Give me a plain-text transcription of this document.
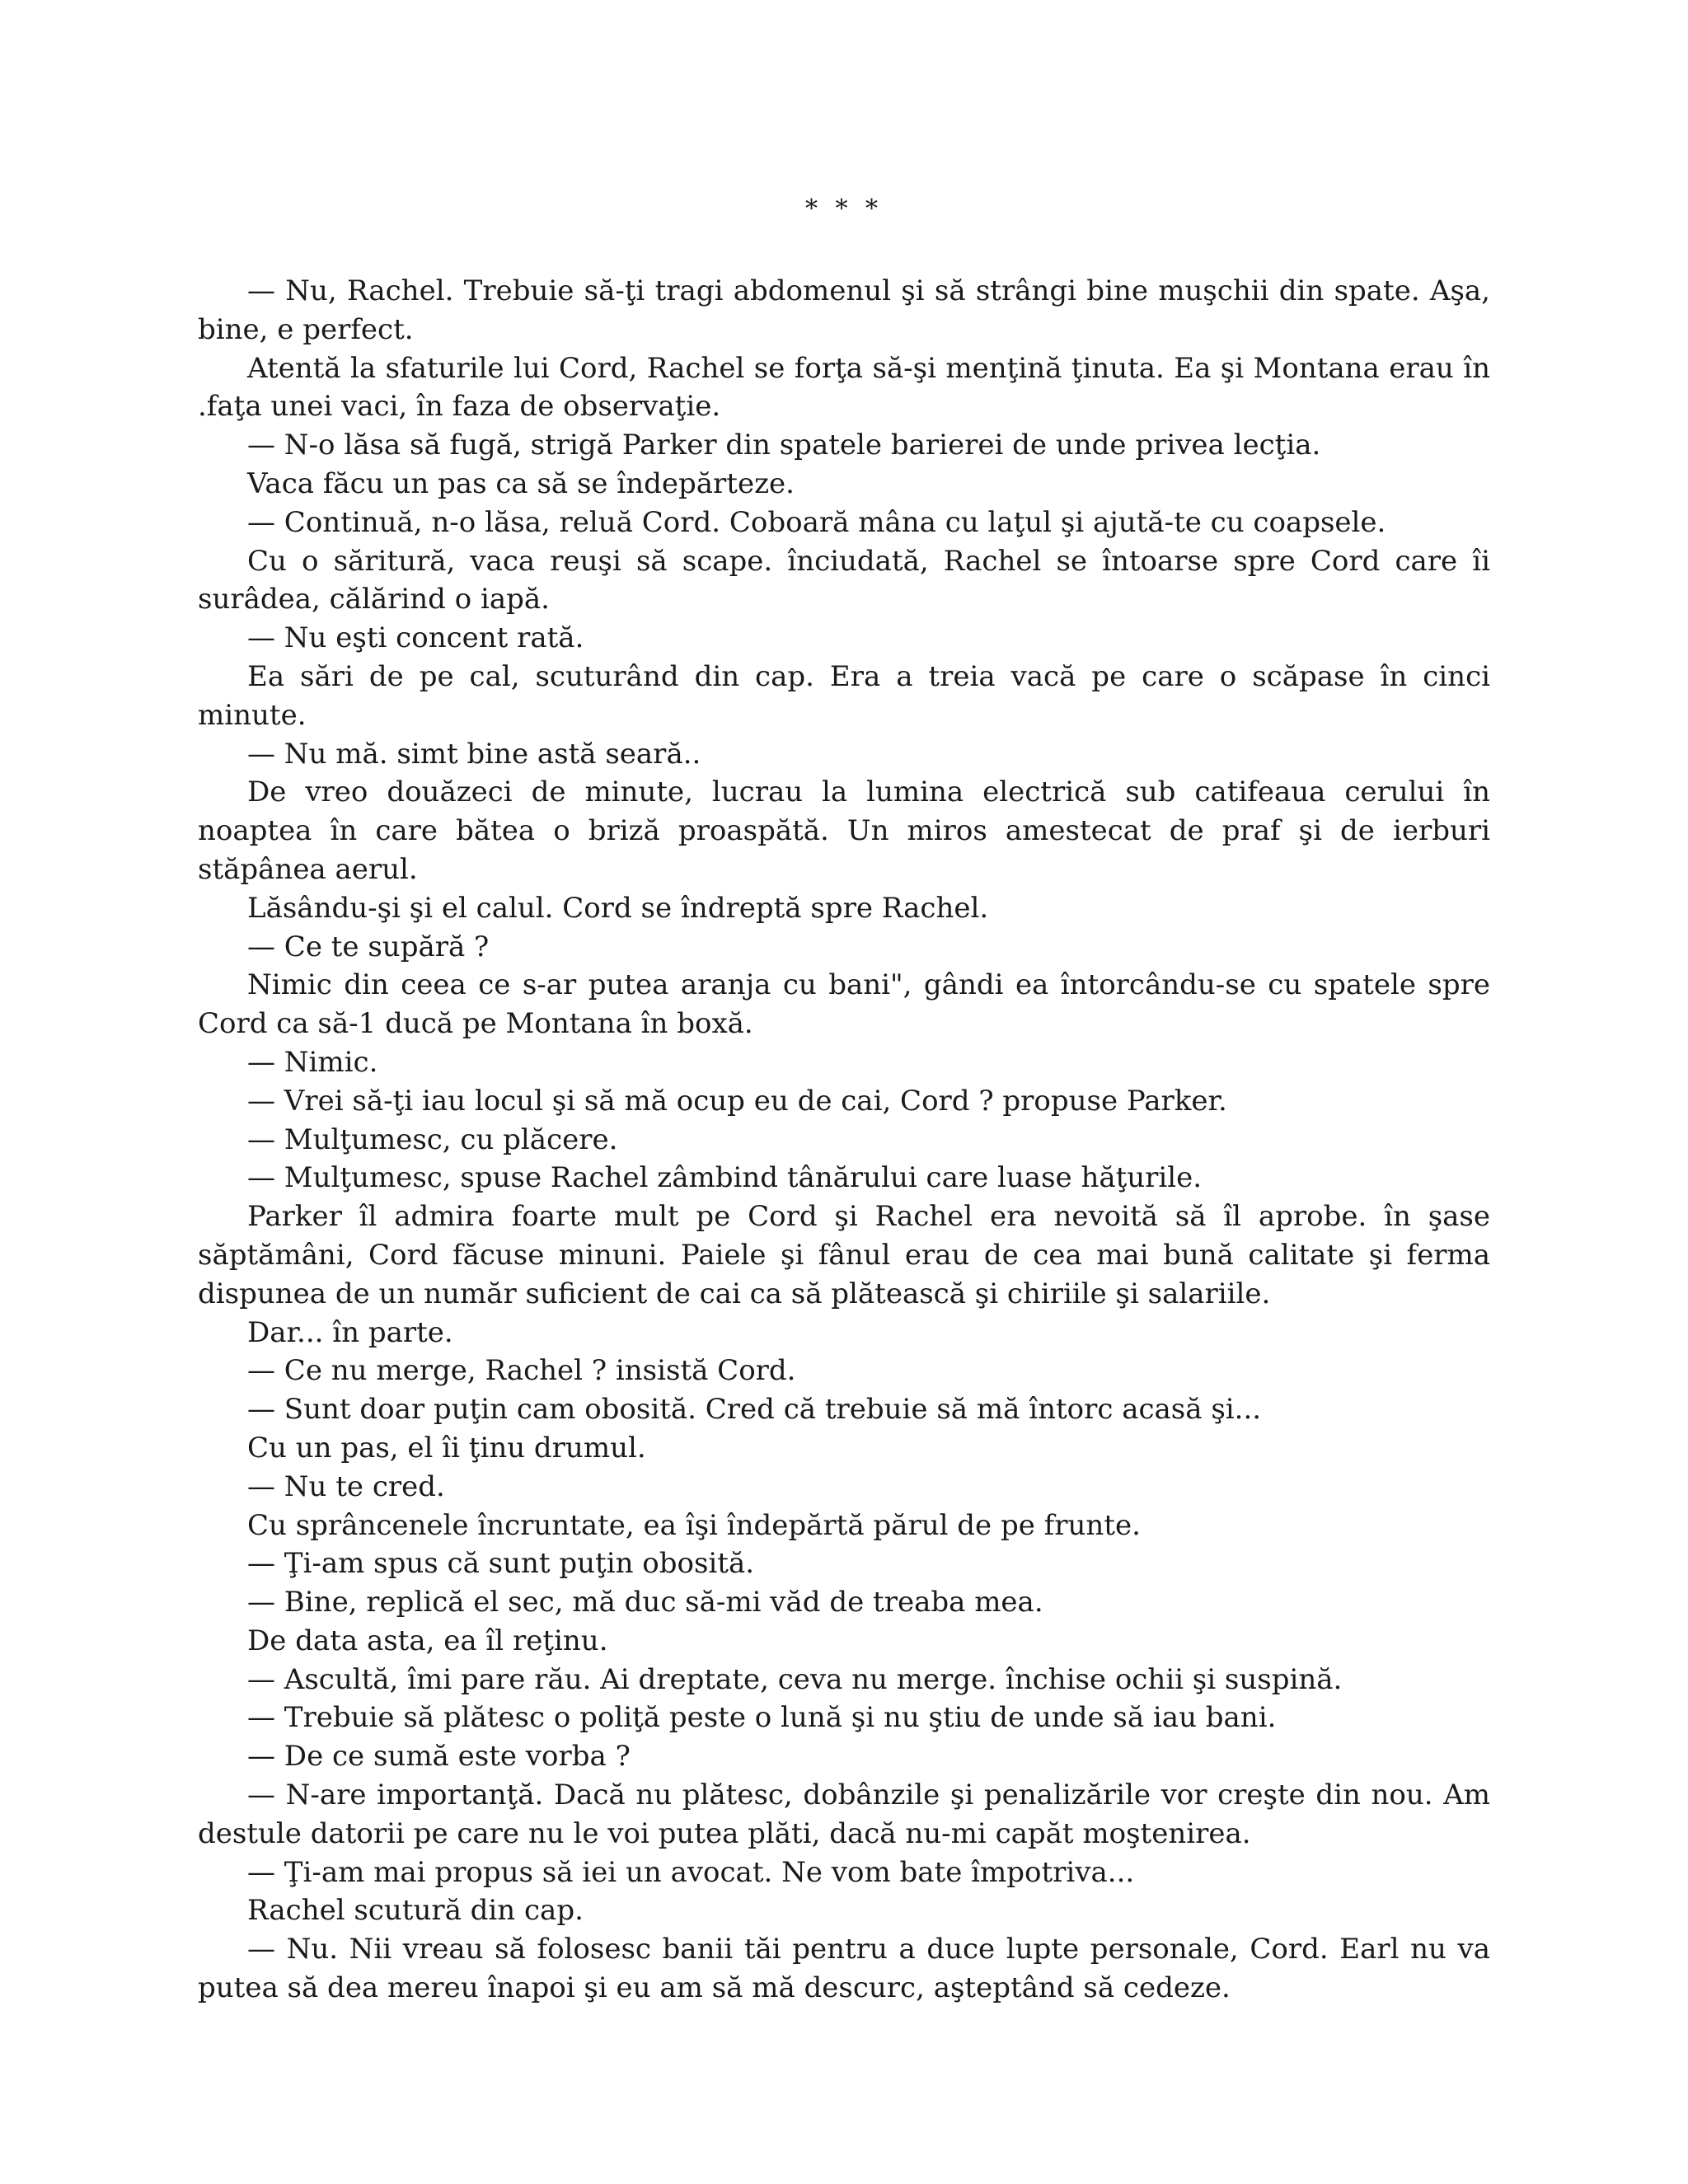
* * *

— Nu, Rachel. Trebuie să-ţi tragi abdomenul şi să strângi bine muşchii din spate. Aşa, bine, e perfect.

Atentă la sfaturile lui Cord, Rachel se forţa să-şi menţină ţinuta. Ea şi Montana erau în .faţa unei vaci, în faza de observaţie.

— N-o lăsa să fugă, strigă Parker din spatele barierei de unde privea lecţia.

Vaca făcu un pas ca să se îndepărteze.

— Continuă, n-o lăsa, reluă Cord. Coboară mâna cu laţul şi ajută-te cu coapsele.

Cu o săritură, vaca reuşi să scape. înciudată, Rachel se întoarse spre Cord care îi surâdea, călărind o iapă.

— Nu eşti concent rată.

Ea sări de pe cal, scuturând din cap. Era a treia vacă pe care o scăpase în cinci minute.

— Nu mă. simt bine astă seară..

De vreo douăzeci de minute, lucrau la lumina electrică sub catifeaua cerului în noaptea în care bătea o briză proaspătă. Un miros amestecat de praf şi de ierburi stăpânea aerul.

Lăsându-şi şi el calul. Cord se îndreptă spre Rachel.

— Ce te supără ?

Nimic din ceea ce s-ar putea aranja cu bani", gândi ea întorcându-se cu spatele spre Cord ca să-1 ducă pe Montana în boxă.

— Nimic.

— Vrei să-ţi iau locul şi să mă ocup eu de cai, Cord ? propuse Parker.

— Mulţumesc, cu plăcere.

— Mulţumesc, spuse Rachel zâmbind tânărului care luase hăţurile.

Parker îl admira foarte mult pe Cord şi Rachel era nevoită să îl aprobe. în şase săptămâni, Cord făcuse minuni. Paiele şi fânul erau de cea mai bună calitate şi ferma dispunea de un număr suficient de cai ca să plătească şi chiriile şi salariile.

Dar... în parte.

— Ce nu merge, Rachel ? insistă Cord.

— Sunt doar puţin cam obosită. Cred că trebuie să mă întorc acasă şi...

Cu un pas, el îi ţinu drumul.

— Nu te cred.

Cu sprâncenele încruntate, ea îşi îndepărtă părul de pe frunte.

— Ţi-am spus că sunt puţin obosită.

— Bine, replică el sec, mă duc să-mi văd de treaba mea.

De data asta, ea îl reţinu.

— Ascultă, îmi pare rău. Ai dreptate, ceva nu merge. închise ochii şi suspină.

— Trebuie să plătesc o poliţă peste o lună şi nu ştiu de unde să iau bani.

— De ce sumă este vorba ?

— N-are importanţă. Dacă nu plătesc, dobânzile şi penalizările vor creşte din nou. Am destule datorii pe care nu le voi putea plăti, dacă nu-mi capăt moştenirea.

— Ţi-am mai propus să iei un avocat. Ne vom bate împotriva...

Rachel scutură din cap.

— Nu. Nii vreau să folosesc banii tăi pentru a duce lupte personale, Cord. Earl nu va putea să dea mereu înapoi şi eu am să mă descurc, aşteptând să cedeze.
